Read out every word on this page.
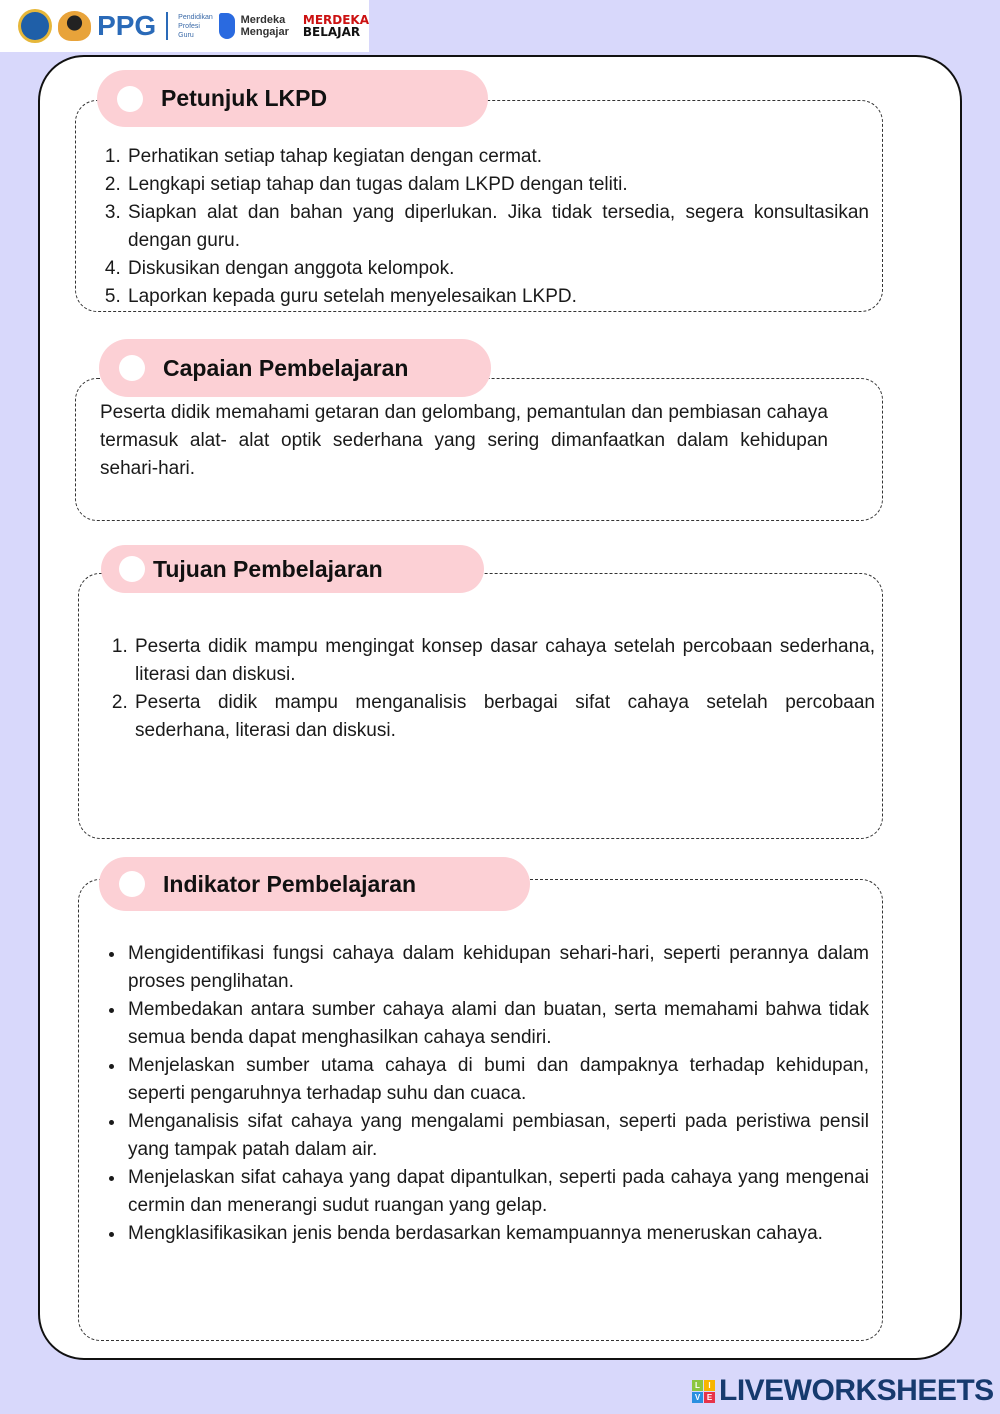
PPG	Pendidikan
Profesi
Guru
Merdeka
Mengajar
MERDEKA
BELAJAR
Petunjuk LKPD
1. Perhatikan setiap tahap kegiatan dengan cermat.
2. Lengkapi setiap tahap dan tugas dalam LKPD dengan teliti.
3. Siapkan alat dan bahan yang diperlukan. Jika tidak tersedia, segera konsultasikan dengan guru.
4. Diskusikan dengan anggota kelompok.
5. Laporkan kepada guru setelah menyelesaikan LKPD.
Capaian Pembelajaran
Peserta didik memahami getaran dan gelombang, pemantulan dan pembiasan cahaya termasuk alat- alat optik sederhana yang sering dimanfaatkan dalam kehidupan sehari-hari.
Tujuan Pembelajaran
1. Peserta didik mampu mengingat konsep dasar cahaya setelah percobaan sederhana, literasi dan diskusi.
2. Peserta didik mampu menganalisis berbagai sifat cahaya setelah percobaan sederhana, literasi dan diskusi.
Indikator Pembelajaran
• Mengidentifikasi fungsi cahaya dalam kehidupan sehari-hari, seperti perannya dalam proses penglihatan.
• Membedakan antara sumber cahaya alami dan buatan, serta memahami bahwa tidak semua benda dapat menghasilkan cahaya sendiri.
• Menjelaskan sumber utama cahaya di bumi dan dampaknya terhadap kehidupan, seperti pengaruhnya terhadap suhu dan cuaca.
• Menganalisis sifat cahaya yang mengalami pembiasan, seperti pada peristiwa pensil yang tampak patah dalam air.
• Menjelaskan sifat cahaya yang dapat dipantulkan, seperti pada cahaya yang mengenai cermin dan menerangi sudut ruangan yang gelap.
• Mengklasifikasikan jenis benda berdasarkan kemampuannya meneruskan cahaya.
L	I
V E LIVEWORKSHEETS
